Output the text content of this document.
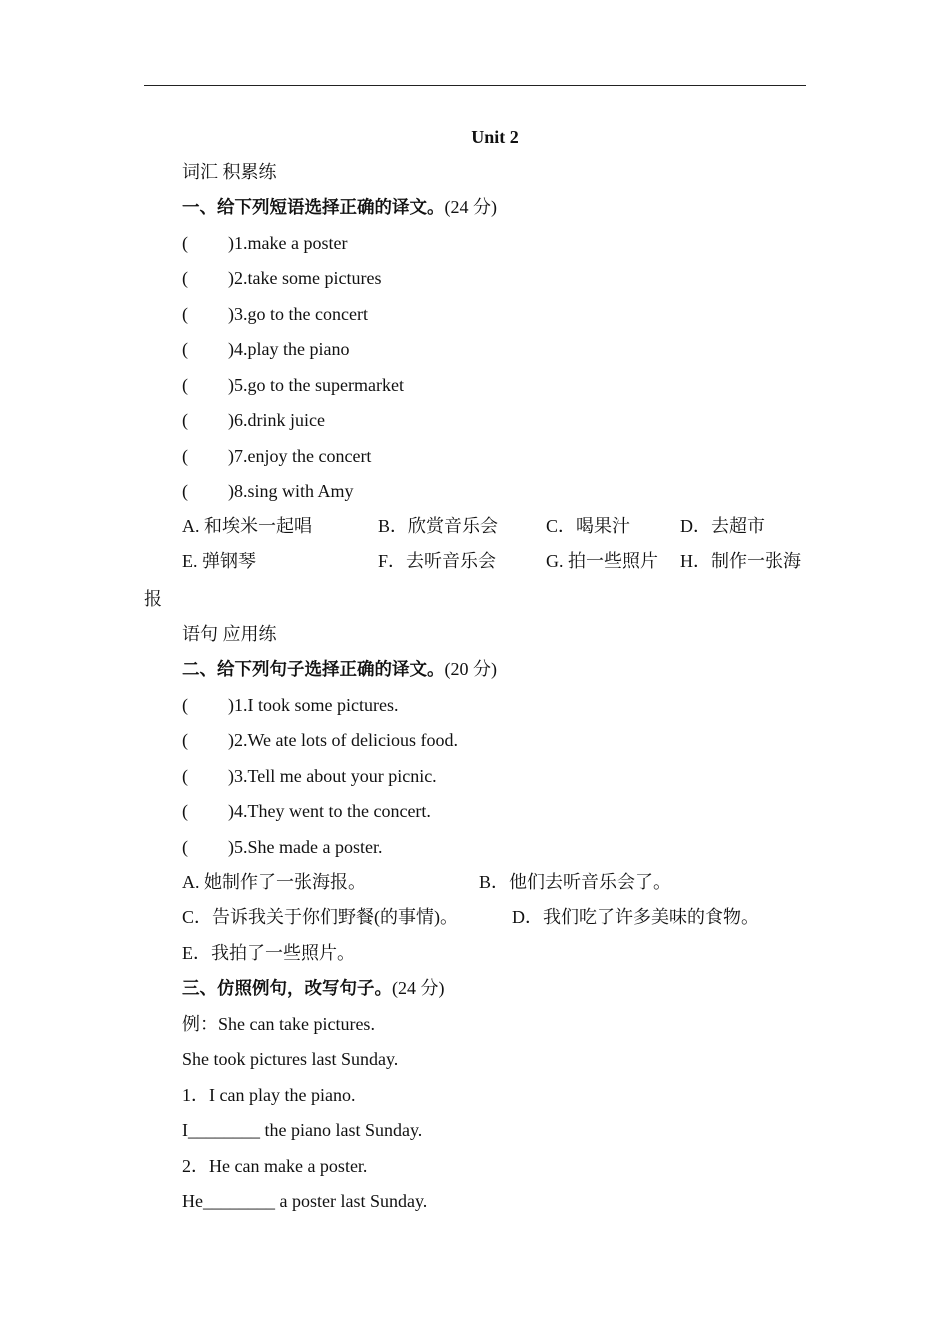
Unit 2
词汇 积累练
一、给下列短语选择正确的译文。(24 分)
( )1.make a poster
( )2.take some pictures
( )3.go to the concert
( )4.play the piano
( )5.go to the supermarket
( )6.drink juice
( )7.enjoy the concert
( )8.sing with Amy
A. 和埃米一起唱	B．欣赏音乐会	C．喝果汁	D．去超市
E. 弹钢琴	F．去听音乐会	G. 拍一些照片 H．制作一张海
报
语句 应用练
二、给下列句子选择正确的译文。(20 分)
( )1.I took some pictures.
( )2.We ate lots of delicious food.
( )3.Tell me about your picnic.
( )4.They went to the concert.
( )5.She made a poster.
A. 她制作了一张海报。	B．他们去听音乐会了。
C．告诉我关于你们野餐(的事情)。	D．我们吃了许多美味的食物。
E．我拍了一些照片。
三、仿照例句，改写句子。(24 分)
例：She can take pictures.
She took pictures last Sunday.
1．I can play the piano.
I________ the piano last Sunday.
2．He can make a poster.
He________ a poster last Sunday.
